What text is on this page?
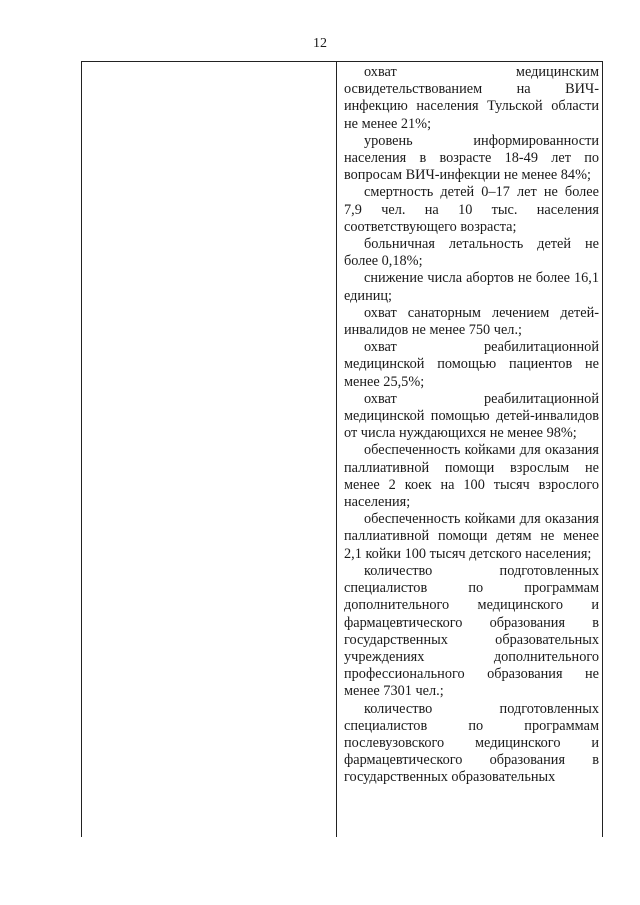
12

охват медицинским освидетельствованием на ВИЧ-инфекцию населения Тульской области не менее 21%;

уровень информированности населения в возрасте 18-49 лет по вопросам ВИЧ-инфекции не менее 84%;

смертность детей 0–17 лет не более 7,9 чел. на 10 тыс. населения соответствующего возраста;

больничная летальность детей не более 0,18%;

снижение числа абортов не более 16,1 единиц;

охват санаторным лечением детей-инвалидов не менее 750 чел.;

охват реабилитационной медицинской помощью пациентов не менее 25,5%;

охват реабилитационной медицинской помощью детей-инвалидов от числа нуждающихся не менее 98%;

обеспеченность койками для оказания паллиативной помощи взрослым не менее 2 коек на 100 тысяч взрослого населения;

обеспеченность койками для оказания паллиативной помощи детям не менее 2,1 койки 100 тысяч детского населения;

количество подготовленных специалистов по программам дополнительного медицинского и фармацевтического образования в государственных образовательных учреждениях дополнительного профессионального образования не менее 7301 чел.;

количество подготовленных специалистов по программам послевузовского медицинского и фармацевтического образования в государственных образовательных
